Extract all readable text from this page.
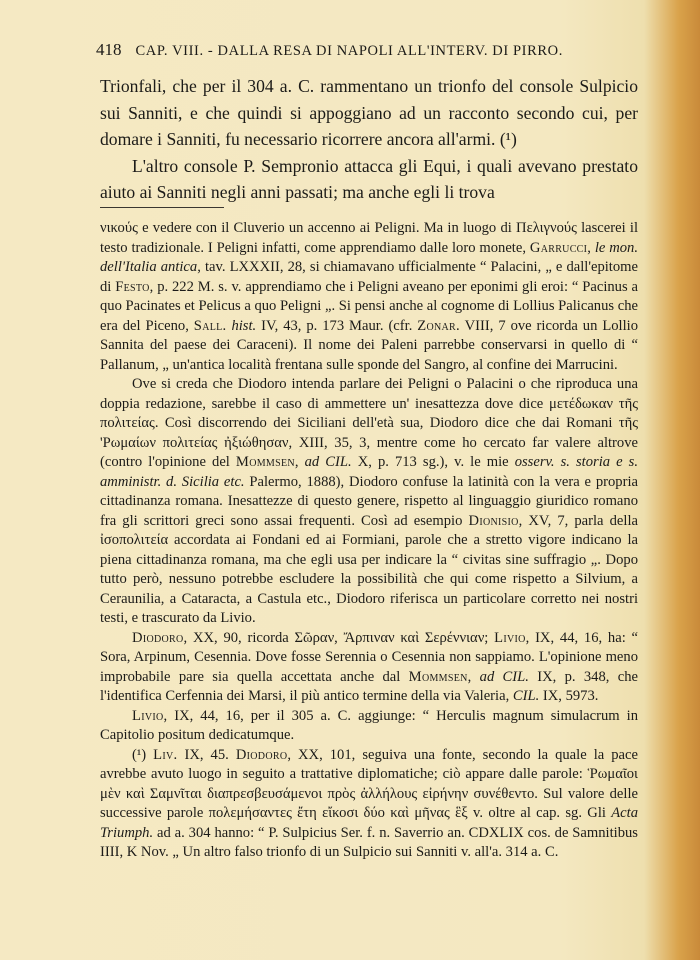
418 CAP. VIII. - DALLA RESA DI NAPOLI ALL'INTERV. DI PIRRO.

Trionfali, che per il 304 a. C. rammentano un trionfo del console Sulpicio sui Sanniti, e che quindi si appoggiano ad un racconto secondo cui, per domare i Sanniti, fu necessario ricorrere ancora all'armi. (¹)

L'altro console P. Sempronio attacca gli Equi, i quali avevano prestato aiuto ai Sanniti negli anni passati; ma anche egli li trova

νικούς e vedere con il Cluverio un accenno ai Peligni. Ma in luogo di Πελιγνούς lascerei il testo tradizionale. I Peligni infatti, come apprendiamo dalle loro monete, Garrucci, le mon. dell'Italia antica, tav. LXXXII, 28, si chiamavano ufficialmente “ Palacini, „ e dall'epitome di Festo, p. 222 M. s. v. apprendiamo che i Peligni aveano per eponimi gli eroi: “ Pacinus a quo Pacinates et Pelicus a quo Peligni „. Si pensi anche al cognome di Lollius Palicanus che era del Piceno, Sall. hist. IV, 43, p. 173 Maur. (cfr. Zonar. VIII, 7 ove ricorda un Lollio Sannita del paese dei Caraceni). Il nome dei Paleni parrebbe conservarsi in quello di “ Pallanum, „ un'antica località frentana sulle sponde del Sangro, al confine dei Marrucini.

Ove si creda che Diodoro intenda parlare dei Peligni o Palacini o che riproduca una doppia redazione, sarebbe il caso di ammettere un' inesattezza dove dice μετέδωκαν τῆς πολιτείας. Così discorrendo dei Siciliani dell'età sua, Diodoro dice che dai Romani τῆς 'Ρωμαίων πολιτείας ἠξιώθησαν, XIII, 35, 3, mentre come ho cercato far valere altrove (contro l'opinione del Mommsen, ad CIL. X, p. 713 sg.), v. le mie osserv. s. storia e s. amministr. d. Sicilia etc. Palermo, 1888), Diodoro confuse la latinità con la vera e propria cittadinanza romana. Inesattezze di questo genere, rispetto al linguaggio giuridico romano fra gli scrittori greci sono assai frequenti. Così ad esempio Dionisio, XV, 7, parla della ἰσοπολιτεία accordata ai Fondani ed ai Formiani, parole che a stretto vigore indicano la piena cittadinanza romana, ma che egli usa per indicare la “ civitas sine suffragio „. Dopo tutto però, nessuno potrebbe escludere la possibilità che qui come rispetto a Silvium, a Ceraunilia, a Cataracta, a Castula etc., Diodoro riferisca un particolare corretto nei nostri testi, e trascurato da Livio.

Diodoro, XX, 90, ricorda Σῶραν, Ἄρπιναν καὶ Σερέννιαν; Livio, IX, 44, 16, ha: “ Sora, Arpinum, Cesennia. Dove fosse Serennia o Cesennia non sappiamo. L'opinione meno improbabile pare sia quella accettata anche dal Mommsen, ad CIL. IX, p. 348, che l'identifica Cerfennia dei Marsi, il più antico termine della via Valeria, CIL. IX, 5973.

Livio, IX, 44, 16, per il 305 a. C. aggiunge: “ Herculis magnum simulacrum in Capitolio positum dedicatumque.

(¹) Liv. IX, 45. Diodoro, XX, 101, seguiva una fonte, secondo la quale la pace avrebbe avuto luogo in seguito a trattative diplomatiche; ciò appare dalle parole: Ῥωμαῖοι μὲν καὶ Σαμνῖται διαπρεσβευσάμενοι πρὸς ἀλλήλους εἰρήνην συνέθεντο. Sul valore delle successive parole πολεμήσαντες ἔτη εἴκοσι δύο καὶ μῆνας ἓξ v. oltre al cap. sg. Gli Acta Triumph. ad a. 304 hanno: “ P. Sulpicius Ser. f. n. Saverrio an. CDXLIX cos. de Samnitibus IIII, K Nov. „ Un altro falso trionfo di un Sulpicio sui Sanniti v. all'a. 314 a. C.
